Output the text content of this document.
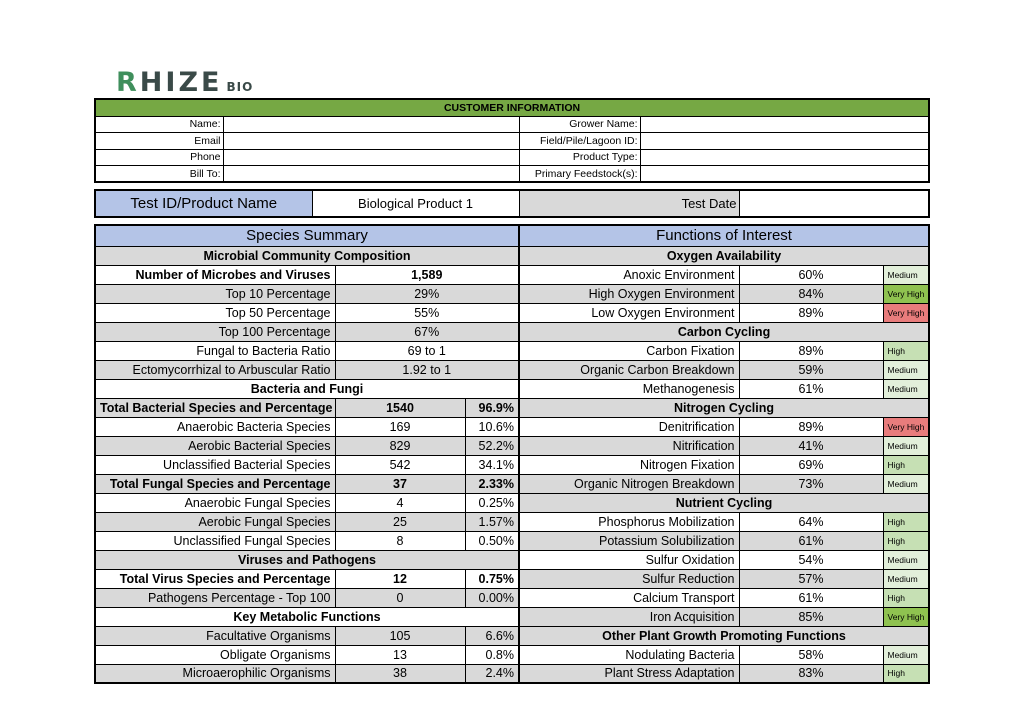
RHIZE BIO
CUSTOMER INFORMATION			
Name:		Grower Name:	
Email		Field/Pile/Lagoon ID:	
Phone		Product Type:	
Bill To:		Primary Feedstock(s):	
Test ID/Product Name	Biological Product 1	Test Date	
Species Summary			Functions of Interest		
Microbial Community Composition			Oxygen Availability		
Number of Microbes and Viruses	1,589		Anoxic Environment	60%	Medium
Top 10 Percentage	29%		High Oxygen Environment	84%	Very High
Top 50 Percentage	55%		Low Oxygen Environment	89%	Very High
Top 100 Percentage	67%		Carbon Cycling		
Fungal to Bacteria Ratio	69 to 1		Carbon Fixation	89%	High
Ectomycorrhizal to Arbuscular Ratio	1.92 to 1		Organic Carbon Breakdown	59%	Medium
Bacteria and Fungi			Methanogenesis	61%	Medium
Total Bacterial Species and Percentage	1540	96.9%	Nitrogen Cycling		
Anaerobic Bacteria Species	169	10.6%	Denitrification	89%	Very High
Aerobic Bacterial Species	829	52.2%	Nitrification	41%	Medium
Unclassified Bacterial Species	542	34.1%	Nitrogen Fixation	69%	High
Total Fungal Species and Percentage	37	2.33%	Organic Nitrogen Breakdown	73%	Medium
Anaerobic Fungal Species	4	0.25%	Nutrient Cycling		
Aerobic Fungal Species	25	1.57%	Phosphorus Mobilization	64%	High
Unclassified Fungal Species	8	0.50%	Potassium Solubilization	61%	High
Viruses and Pathogens			Sulfur Oxidation	54%	Medium
Total Virus Species and Percentage	12	0.75%	Sulfur Reduction	57%	Medium
Pathogens Percentage - Top 100	0	0.00%	Calcium Transport	61%	High
Key Metabolic Functions			Iron Acquisition	85%	Very High
Facultative Organisms	105	6.6%	Other Plant Growth Promoting Functions		
Obligate Organisms	13	0.8%	Nodulating Bacteria	58%	Medium
Microaerophilic Organisms	38	2.4%	Plant Stress Adaptation	83%	High
